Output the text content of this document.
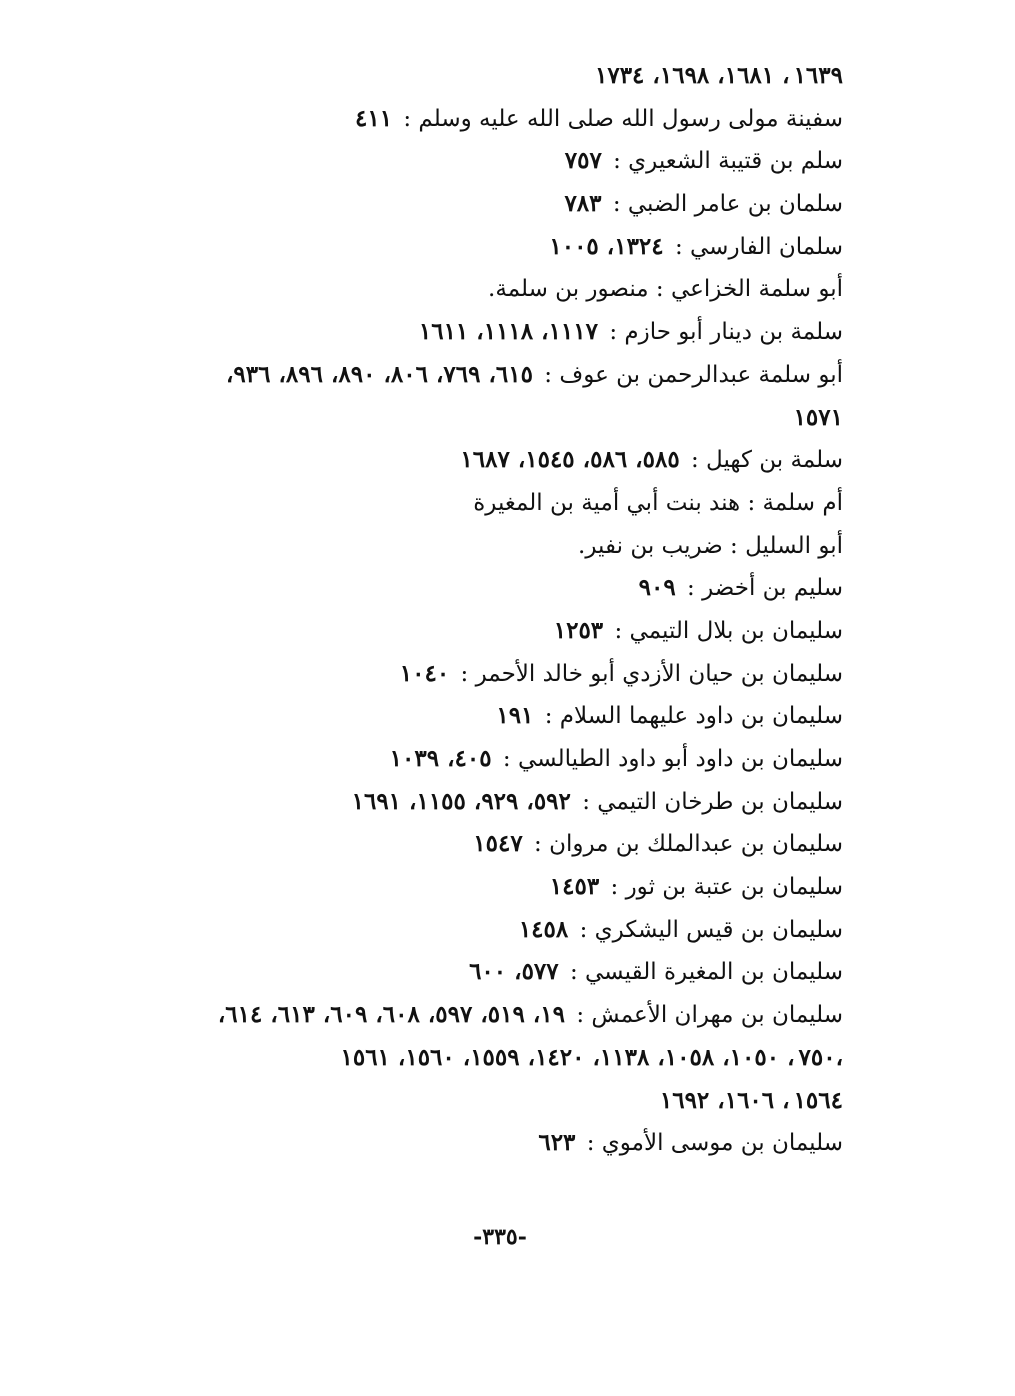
١٦٣٩، ١٦٨١، ١٦٩٨، ١٧٣٤
سفينة مولى رسول الله صلى الله عليه وسلم : ٤١١
سلم بن قتيبة الشعيري : ٧٥٧
سلمان بن عامر الضبي : ٧٨٣
سلمان الفارسي : ١٣٢٤، ١٠٠٥
أبو سلمة الخزاعي : منصور بن سلمة.
سلمة بن دينار أبو حازم : ١١١٧، ١١١٨، ١٦١١
أبو سلمة عبدالرحمن بن عوف : ٦١٥، ٧٦٩، ٨٠٦، ٨٩٠، ٨٩٦، ٩٣٦،
١٥٧١
سلمة بن كهيل : ٥٨٥، ٥٨٦، ١٥٤٥، ١٦٨٧
أم سلمة : هند بنت أبي أمية بن المغيرة
أبو السليل : ضريب بن نفير.
سليم بن أخضر : ٩٠٩
سليمان بن بلال التيمي : ١٢٥٣
سليمان بن حيان الأزدي أبو خالد الأحمر : ١٠٤٠
سليمان بن داود عليهما السلام : ١٩١
سليمان بن داود أبو داود الطيالسي : ٤٠٥، ١٠٣٩
سليمان بن طرخان التيمي : ٥٩٢، ٩٢٩، ١١٥٥، ١٦٩١
سليمان بن عبدالملك بن مروان : ١٥٤٧
سليمان بن عتبة بن ثور : ١٤٥٣
سليمان بن قيس اليشكري : ١٤٥٨
سليمان بن المغيرة القيسي : ٥٧٧، ٦٠٠
سليمان بن مهران الأعمش : ١٩، ٥١٩، ٥٩٧، ٦٠٨، ٦٠٩، ٦١٣، ٦١٤،
٧٥٠، ١٠٥٠، ١٠٥٨، ١١٣٨، ١٤٢٠، ١٥٥٩، ١٥٦٠، ١٥٦١،
١٥٦٤، ١٦٠٦، ١٦٩٢
سليمان بن موسى الأموي : ٦٢٣
-٣٣٥-
